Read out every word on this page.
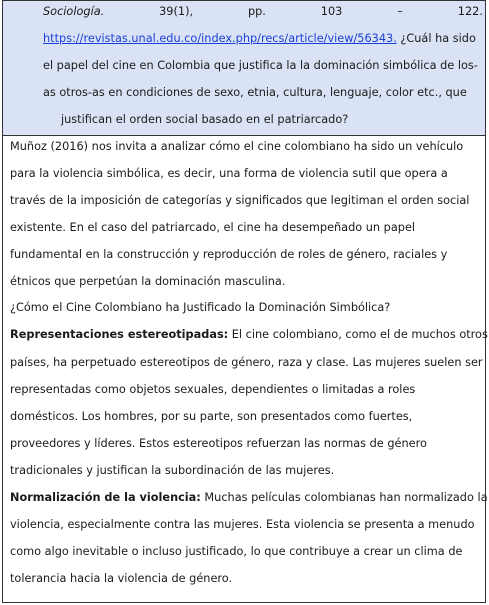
Sociología.	39(1),	pp.	103	–	122.
https://revistas.unal.edu.co/index.php/recs/article/view/56343. ¿Cuál ha sido
el papel del cine en Colombia que justifica la la dominación simbólica de los-
as otros-as en condiciones de sexo, etnia, cultura, lenguaje, color etc., que
justifican el orden social basado en el patriarcado?
Muñoz (2016) nos invita a analizar cómo el cine colombiano ha sido un vehículo
para la violencia simbólica, es decir, una forma de violencia sutil que opera a
través de la imposición de categorías y significados que legitiman el orden social
existente. En el caso del patriarcado, el cine ha desempeñado un papel
fundamental en la construcción y reproducción de roles de género, raciales y
étnicos que perpetúan la dominación masculina.
¿Cómo el Cine Colombiano ha Justificado la Dominación Simbólica?
Representaciones estereotipadas: El cine colombiano, como el de muchos otros
países, ha perpetuado estereotipos de género, raza y clase. Las mujeres suelen ser
representadas como objetos sexuales, dependientes o limitadas a roles
domésticos. Los hombres, por su parte, son presentados como fuertes,
proveedores y líderes. Estos estereotipos refuerzan las normas de género
tradicionales y justifican la subordinación de las mujeres.
Normalización de la violencia: Muchas películas colombianas han normalizado la
violencia, especialmente contra las mujeres. Esta violencia se presenta a menudo
como algo inevitable o incluso justificado, lo que contribuye a crear un clima de
tolerancia hacia la violencia de género.
